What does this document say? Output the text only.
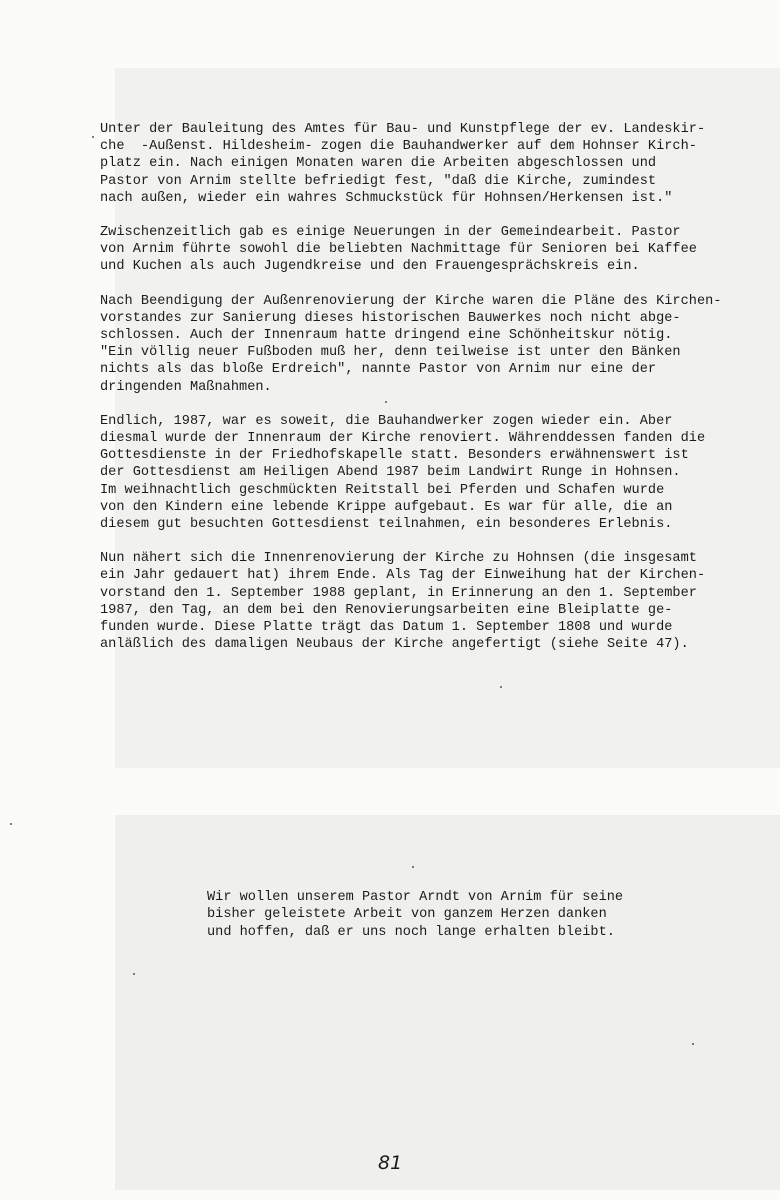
Unter der Bauleitung des Amtes für Bau- und Kunstpflege der ev. Landeskir-
che  -Außenst. Hildesheim- zogen die Bauhandwerker auf dem Hohnser Kirch-
platz ein. Nach einigen Monaten waren die Arbeiten abgeschlossen und
Pastor von Arnim stellte befriedigt fest, "daß die Kirche, zumindest
nach außen, wieder ein wahres Schmuckstück für Hohnsen/Herkensen ist."

Zwischenzeitlich gab es einige Neuerungen in der Gemeindearbeit. Pastor
von Arnim führte sowohl die beliebten Nachmittage für Senioren bei Kaffee
und Kuchen als auch Jugendkreise und den Frauengesprächskreis ein.

Nach Beendigung der Außenrenovierung der Kirche waren die Pläne des Kirchen-
vorstandes zur Sanierung dieses historischen Bauwerkes noch nicht abge-
schlossen. Auch der Innenraum hatte dringend eine Schönheitskur nötig.
"Ein völlig neuer Fußboden muß her, denn teilweise ist unter den Bänken
nichts als das bloße Erdreich", nannte Pastor von Arnim nur eine der
dringenden Maßnahmen.

Endlich, 1987, war es soweit, die Bauhandwerker zogen wieder ein. Aber
diesmal wurde der Innenraum der Kirche renoviert. Währenddessen fanden die
Gottesdienste in der Friedhofskapelle statt. Besonders erwähnenswert ist
der Gottesdienst am Heiligen Abend 1987 beim Landwirt Runge in Hohnsen.
Im weihnachtlich geschmückten Reitstall bei Pferden und Schafen wurde
von den Kindern eine lebende Krippe aufgebaut. Es war für alle, die an
diesem gut besuchten Gottesdienst teilnahmen, ein besonderes Erlebnis.

Nun nähert sich die Innenrenovierung der Kirche zu Hohnsen (die insgesamt
ein Jahr gedauert hat) ihrem Ende. Als Tag der Einweihung hat der Kirchen-
vorstand den 1. September 1988 geplant, in Erinnerung an den 1. September
1987, den Tag, an dem bei den Renovierungsarbeiten eine Bleiplatte ge-
funden wurde. Diese Platte trägt das Datum 1. September 1808 und wurde
anläßlich des damaligen Neubaus der Kirche angefertigt (siehe Seite 47).

Wir wollen unserem Pastor Arndt von Arnim für seine
bisher geleistete Arbeit von ganzem Herzen danken
und hoffen, daß er uns noch lange erhalten bleibt.
81
